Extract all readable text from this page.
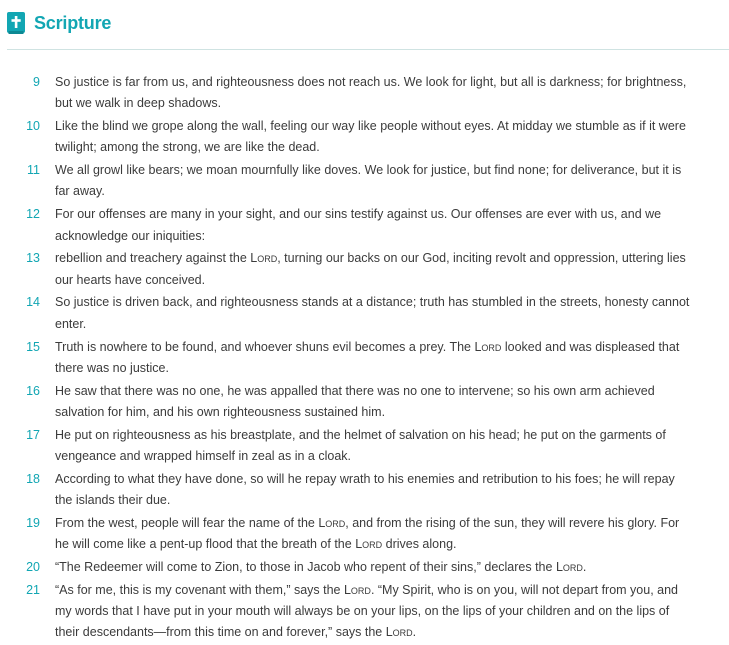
Scripture
9	So justice is far from us, and righteousness does not reach us. We look for light, but all is darkness; for brightness, but we walk in deep shadows.
10	Like the blind we grope along the wall, feeling our way like people without eyes. At midday we stumble as if it were twilight; among the strong, we are like the dead.
11	We all growl like bears; we moan mournfully like doves. We look for justice, but find none; for deliverance, but it is far away.
12	For our offenses are many in your sight, and our sins testify against us. Our offenses are ever with us, and we acknowledge our iniquities:
13	rebellion and treachery against the Lord, turning our backs on our God, inciting revolt and oppression, uttering lies our hearts have conceived.
14	So justice is driven back, and righteousness stands at a distance; truth has stumbled in the streets, honesty cannot enter.
15	Truth is nowhere to be found, and whoever shuns evil becomes a prey. The Lord looked and was displeased that there was no justice.
16	He saw that there was no one, he was appalled that there was no one to intervene; so his own arm achieved salvation for him, and his own righteousness sustained him.
17	He put on righteousness as his breastplate, and the helmet of salvation on his head; he put on the garments of vengeance and wrapped himself in zeal as in a cloak.
18	According to what they have done, so will he repay wrath to his enemies and retribution to his foes; he will repay the islands their due.
19	From the west, people will fear the name of the Lord, and from the rising of the sun, they will revere his glory. For he will come like a pent-up flood that the breath of the Lord drives along.
20	“The Redeemer will come to Zion, to those in Jacob who repent of their sins,” declares the Lord.
21	“As for me, this is my covenant with them,” says the Lord. “My Spirit, who is on you, will not depart from you, and my words that I have put in your mouth will always be on your lips, on the lips of your children and on the lips of their descendants—from this time on and forever,” says the Lord.
